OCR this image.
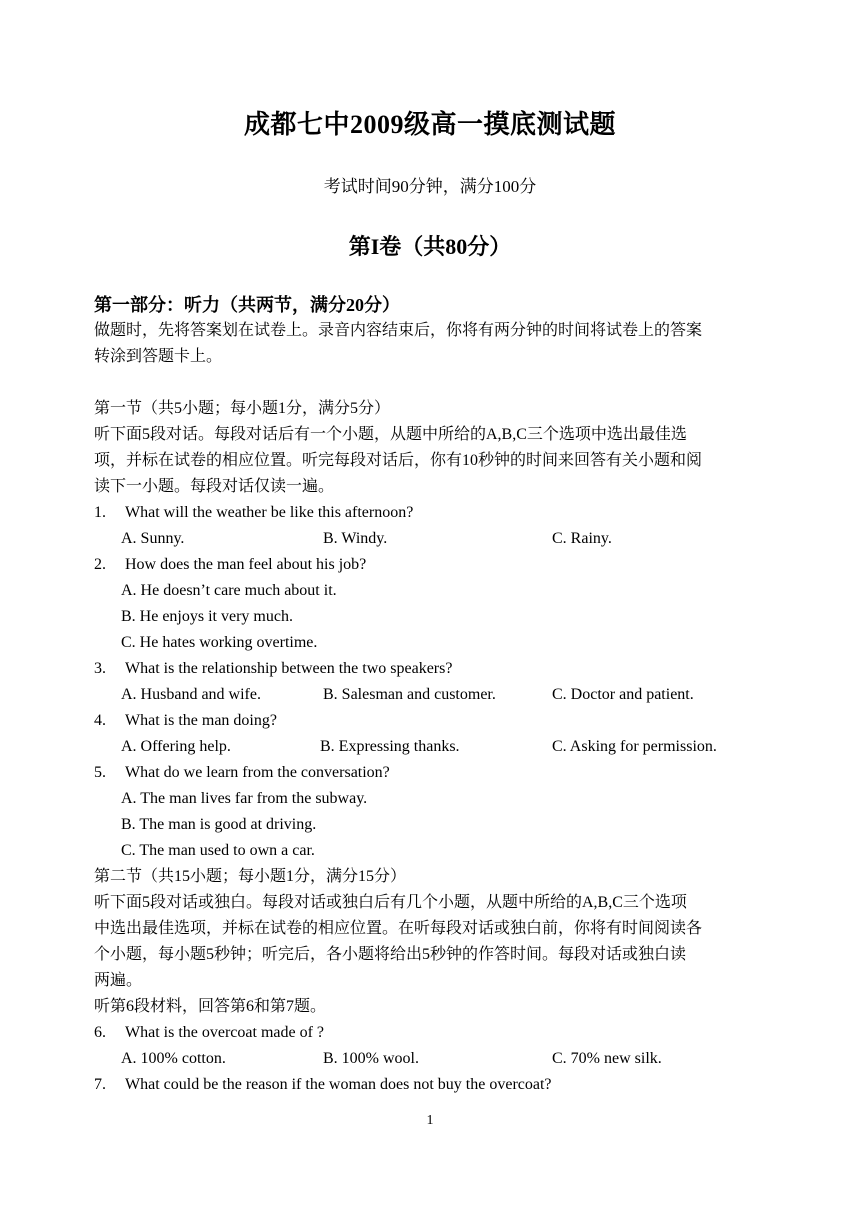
成都七中2009级高一摸底测试题
考试时间90分钟，满分100分
第I卷（共80分）
第一部分：听力（共两节，满分20分）
做题时，先将答案划在试卷上。录音内容结束后，你将有两分钟的时间将试卷上的答案
转涂到答题卡上。
第一节（共5小题；每小题1分，满分5分）
听下面5段对话。每段对话后有一个小题，从题中所给的A,B,C三个选项中选出最佳选
项，并标在试卷的相应位置。听完每段对话后，你有10秒钟的时间来回答有关小题和阅
读下一小题。每段对话仅读一遍。
1. What will the weather be like this afternoon?
A. Sunny.	B. Windy.	C. Rainy.
2. How does the man feel about his job?
A. He doesn’t care much about it.
B. He enjoys it very much.
C. He hates working overtime.
3. What is the relationship between the two speakers?
A. Husband and wife.	B. Salesman and customer.	C. Doctor and patient.
4. What is the man doing?
A. Offering help.	B. Expressing thanks.	C. Asking for permission.
5. What do we learn from the conversation?
A. The man lives far from the subway.
B. The man is good at driving.
C. The man used to own a car.
第二节（共15小题；每小题1分，满分15分）
听下面5段对话或独白。每段对话或独白后有几个小题，从题中所给的A,B,C三个选项
中选出最佳选项，并标在试卷的相应位置。在听每段对话或独白前，你将有时间阅读各
个小题，每小题5秒钟；听完后，各小题将给出5秒钟的作答时间。每段对话或独白读
两遍。
听第6段材料，回答第6和第7题。
6. What is the overcoat made of ?
A. 100% cotton.	B. 100% wool.	C. 70% new silk.
7. What could be the reason if the woman does not buy the overcoat?
1
